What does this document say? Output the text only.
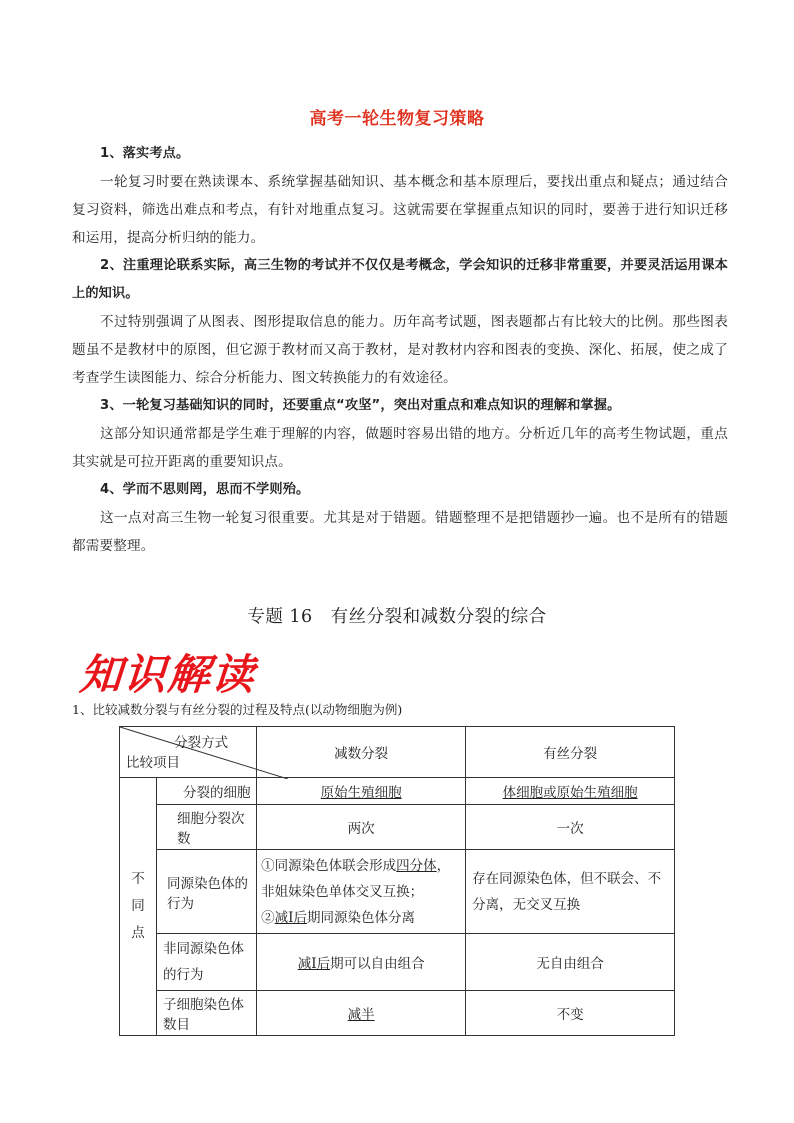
高考一轮生物复习策略

1、落实考点。

一轮复习时要在熟读课本、系统掌握基础知识、基本概念和基本原理后，要找出重点和疑点；通过结合复习资料，筛选出难点和考点，有针对地重点复习。这就需要在掌握重点知识的同时，要善于进行知识迁移和运用，提高分析归纳的能力。

2、注重理论联系实际，高三生物的考试并不仅仅是考概念，学会知识的迁移非常重要，并要灵活运用课本上的知识。

不过特别强调了从图表、图形提取信息的能力。历年高考试题，图表题都占有比较大的比例。那些图表题虽不是教材中的原图，但它源于教材而又高于教材，是对教材内容和图表的变换、深化、拓展，使之成了考查学生读图能力、综合分析能力、图文转换能力的有效途径。

3、一轮复习基础知识的同时，还要重点“攻坚”，突出对重点和难点知识的理解和掌握。

这部分知识通常都是学生难于理解的内容，做题时容易出错的地方。分析近几年的高考生物试题，重点其实就是可拉开距离的重要知识点。

4、学而不思则罔，思而不学则殆。

这一点对高三生物一轮复习很重要。尤其是对于错题。错题整理不是把错题抄一遍。也不是所有的错题都需要整理。

专题 16　有丝分裂和减数分裂的综合
知识解读
1、比较减数分裂与有丝分裂的过程及特点(以动物细胞为例)
分裂方式
比较项目		减数分裂	有丝分裂

不
同
点	分裂的细胞	原始生殖细胞	体细胞或原始生殖细胞
	细胞分裂次数	两次	一次
	同源染色体的行为	①同源染色体联会形成四分体，
非姐妹染色单体交叉互换；
②减Ⅰ后期同源染色体分离	存在同源染色体，但不联会、不分离，无交叉互换
	非同源染色体的行为	减Ⅰ后期可以自由组合	无自由组合
	子细胞染色体数目	减半	不变
